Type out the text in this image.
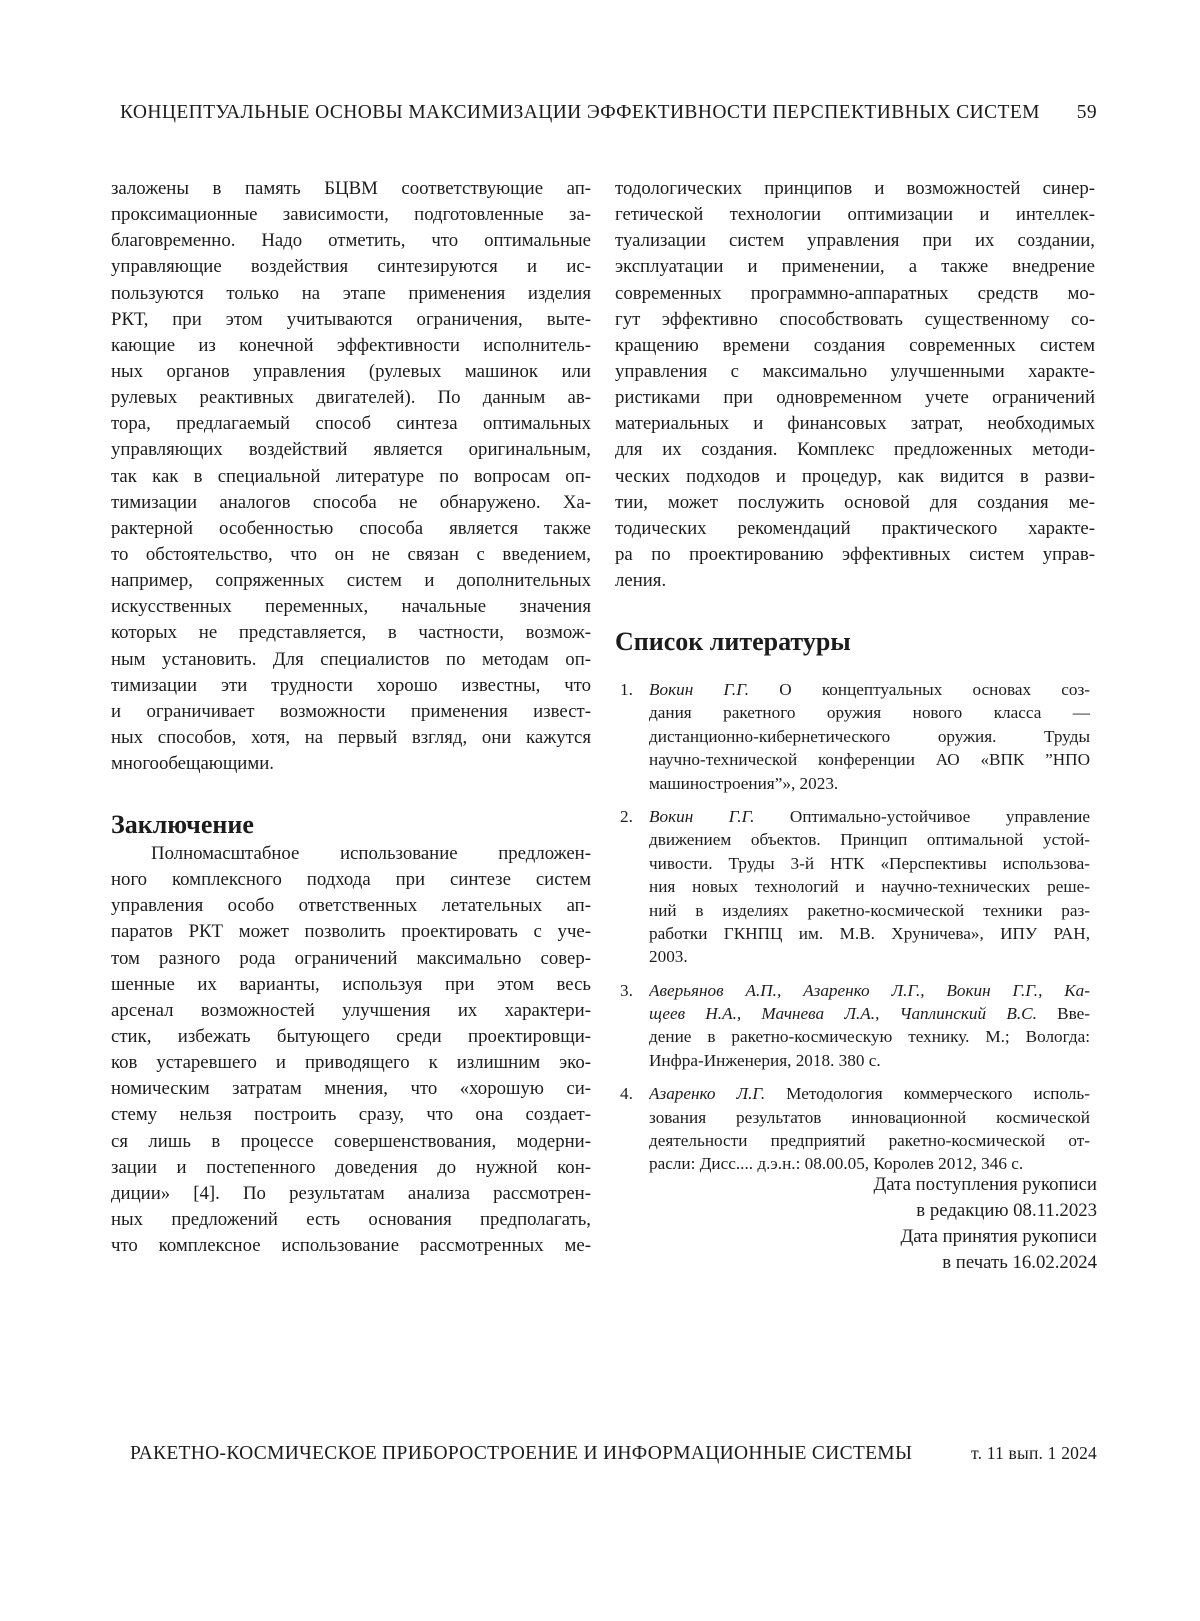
КОНЦЕПТУАЛЬНЫЕ ОСНОВЫ МАКСИМИЗАЦИИ ЭФФЕКТИВНОСТИ ПЕРСПЕКТИВНЫХ СИСТЕМ 59
заложены в память БЦВМ соответствующие ап-
проксимационные зависимости, подготовленные за-
благовременно. Надо отметить, что оптимальные
управляющие воздействия синтезируются и ис-
пользуются только на этапе применения изделия
РКТ, при этом учитываются ограничения, выте-
кающие из конечной эффективности исполнитель-
ных органов управления (рулевых машинок или
рулевых реактивных двигателей). По данным ав-
тора, предлагаемый способ синтеза оптимальных
управляющих воздействий является оригинальным,
так как в специальной литературе по вопросам оп-
тимизации аналогов способа не обнаружено. Ха-
рактерной особенностью способа является также
то обстоятельство, что он не связан с введением,
например, сопряженных систем и дополнительных
искусственных переменных, начальные значения
которых не представляется, в частности, возмож-
ным установить. Для специалистов по методам оп-
тимизации эти трудности хорошо известны, что
и ограничивает возможности применения извест-
ных способов, хотя, на первый взгляд, они кажутся
многообещающими.
Заключение
Полномасштабное использование предложен-
ного комплексного подхода при синтезе систем
управления особо ответственных летательных ап-
паратов РКТ может позволить проектировать с уче-
том разного рода ограничений максимально совер-
шенные их варианты, используя при этом весь
арсенал возможностей улучшения их характери-
стик, избежать бытующего среди проектировщи-
ков устаревшего и приводящего к излишним эко-
номическим затратам мнения, что «хорошую си-
стему нельзя построить сразу, что она создает-
ся лишь в процессе совершенствования, модерни-
зации и постепенного доведения до нужной кон-
диции» [4]. По результатам анализа рассмотрен-
ных предложений есть основания предполагать,
что комплексное использование рассмотренных ме-
тодологических принципов и возможностей синер-
гетической технологии оптимизации и интеллек-
туализации систем управления при их создании,
эксплуатации и применении, а также внедрение
современных программно-аппаратных средств мо-
гут эффективно способствовать существенному со-
кращению времени создания современных систем
управления с максимально улучшенными характе-
ристиками при одновременном учете ограничений
материальных и финансовых затрат, необходимых
для их создания. Комплекс предложенных методи-
ческих подходов и процедур, как видится в разви-
тии, может послужить основой для создания ме-
тодических рекомендаций практического характе-
ра по проектированию эффективных систем управ-
ления.
Список литературы
1. Вокин Г.Г. О концептуальных основах соз-
дания ракетного оружия нового класса —
дистанционно-кибернетического оружия. Труды
научно-технической конференции АО «ВПК ”НПО
машиностроения”», 2023.
2. Вокин Г.Г. Оптимально-устойчивое управление
движением объектов. Принцип оптимальной устой-
чивости. Труды 3-й НТК «Перспективы использова-
ния новых технологий и научно-технических реше-
ний в изделиях ракетно-космической техники раз-
работки ГКНПЦ им. М.В. Хруничева», ИПУ РАН,
2003.
3. Аверьянов А.П., Азаренко Л.Г., Вокин Г.Г., Ка-
щеев Н.А., Мачнева Л.А., Чаплинский В.С. Вве-
дение в ракетно-космическую технику. М.; Вологда:
Инфра-Инженерия, 2018. 380 с.
4. Азаренко Л.Г. Методология коммерческого исполь-
зования результатов инновационной космической
деятельности предприятий ракетно-космической от-
расли: Дисс.... д.э.н.: 08.00.05, Королев 2012, 346 с.
Дата поступления рукописи
в редакцию 08.11.2023
Дата принятия рукописи
в печать 16.02.2024
РАКЕТНО-КОСМИЧЕСКОЕ ПРИБОРОСТРОЕНИЕ И ИНФОРМАЦИОННЫЕ СИСТЕМЫ	т. 11 вып. 1 2024
